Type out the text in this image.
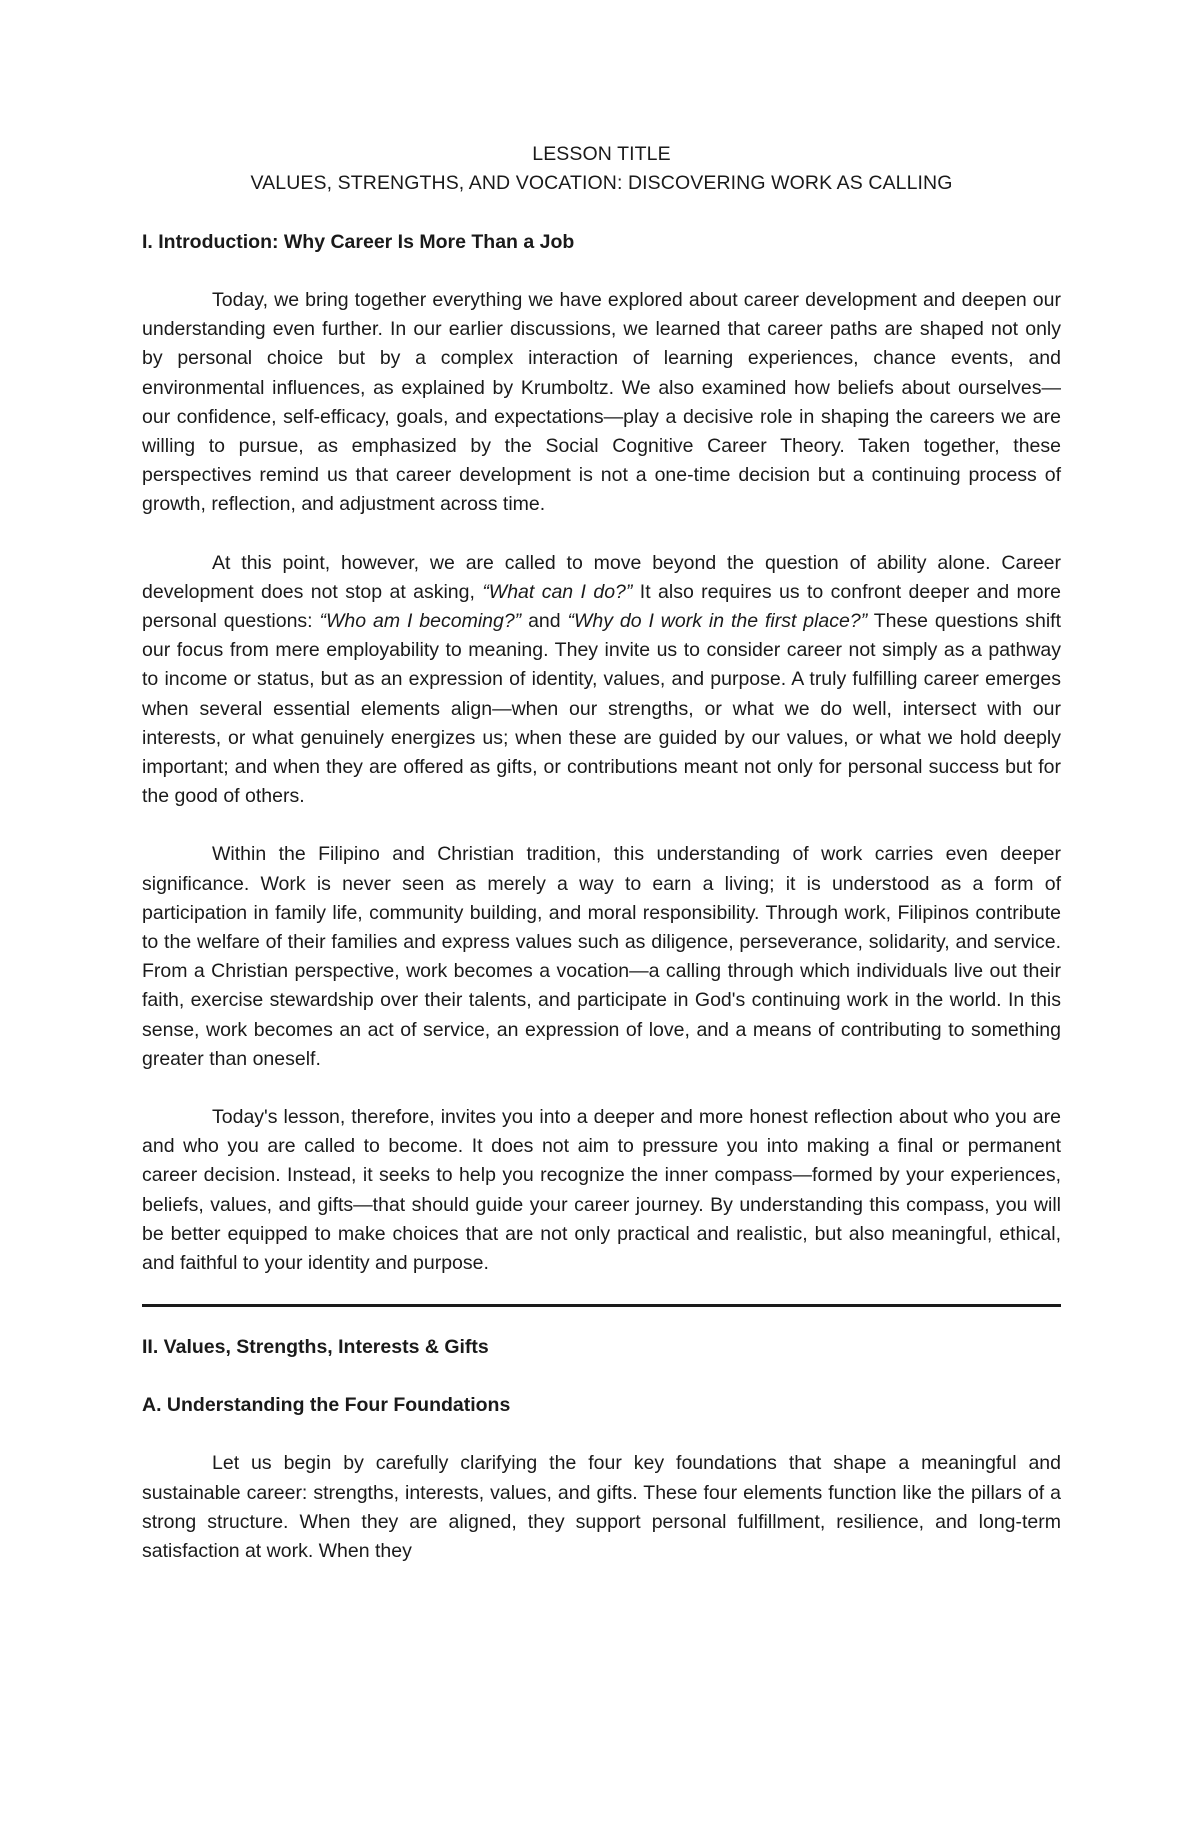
LESSON TITLE
VALUES, STRENGTHS, AND VOCATION: DISCOVERING WORK AS CALLING
I. Introduction: Why Career Is More Than a Job

Today, we bring together everything we have explored about career development and deepen our understanding even further. In our earlier discussions, we learned that career paths are shaped not only by personal choice but by a complex interaction of learning experiences, chance events, and environmental influences, as explained by Krumboltz. We also examined how beliefs about ourselves—our confidence, self-efficacy, goals, and expectations—play a decisive role in shaping the careers we are willing to pursue, as emphasized by the Social Cognitive Career Theory. Taken together, these perspectives remind us that career development is not a one-time decision but a continuing process of growth, reflection, and adjustment across time.

At this point, however, we are called to move beyond the question of ability alone. Career development does not stop at asking, “What can I do?” It also requires us to confront deeper and more personal questions: “Who am I becoming?” and “Why do I work in the first place?” These questions shift our focus from mere employability to meaning. They invite us to consider career not simply as a pathway to income or status, but as an expression of identity, values, and purpose. A truly fulfilling career emerges when several essential elements align—when our strengths, or what we do well, intersect with our interests, or what genuinely energizes us; when these are guided by our values, or what we hold deeply important; and when they are offered as gifts, or contributions meant not only for personal success but for the good of others.

Within the Filipino and Christian tradition, this understanding of work carries even deeper significance. Work is never seen as merely a way to earn a living; it is understood as a form of participation in family life, community building, and moral responsibility. Through work, Filipinos contribute to the welfare of their families and express values such as diligence, perseverance, solidarity, and service. From a Christian perspective, work becomes a vocation—a calling through which individuals live out their faith, exercise stewardship over their talents, and participate in God's continuing work in the world. In this sense, work becomes an act of service, an expression of love, and a means of contributing to something greater than oneself.

Today's lesson, therefore, invites you into a deeper and more honest reflection about who you are and who you are called to become. It does not aim to pressure you into making a final or permanent career decision. Instead, it seeks to help you recognize the inner compass—formed by your experiences, beliefs, values, and gifts—that should guide your career journey. By understanding this compass, you will be better equipped to make choices that are not only practical and realistic, but also meaningful, ethical, and faithful to your identity and purpose.

II. Values, Strengths, Interests & Gifts
A. Understanding the Four Foundations

Let us begin by carefully clarifying the four key foundations that shape a meaningful and sustainable career: strengths, interests, values, and gifts. These four elements function like the pillars of a strong structure. When they are aligned, they support personal fulfillment, resilience, and long-term satisfaction at work. When they
